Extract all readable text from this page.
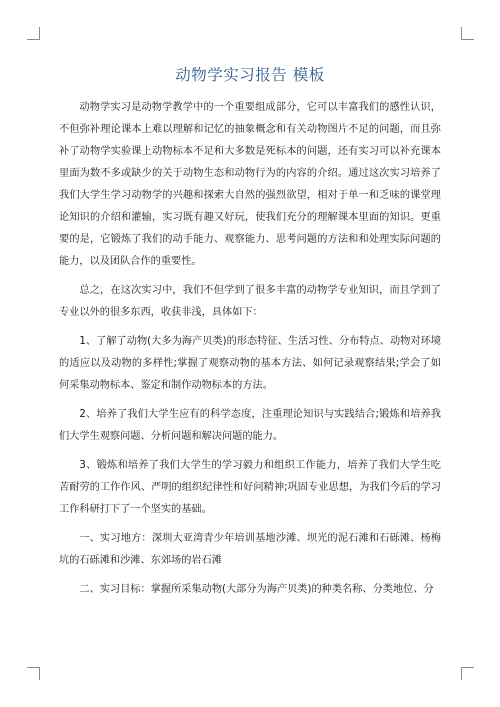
动物学实习报告 模板

动物学实习是动物学教学中的一个重要组成部分，它可以丰富我们的感性认识，不但弥补理论课本上难以理解和记忆的抽象概念和有关动物图片不足的问题，而且弥补了动物学实验课上动物标本不足和大多数是死标本的问题，还有实习可以补充课本里面为数不多或缺少的关于动物生态和动物行为的内容的介绍。通过这次实习培养了我们大学生学习动物学的兴趣和探索大自然的强烈欲望，相对于单一和乏味的课堂理论知识的介绍和灌输，实习既有趣又好玩，使我们充分的理解课本里面的知识。更重要的是，它锻炼了我们的动手能力、观察能力、思考问题的方法和和处理实际问题的能力，以及团队合作的重要性。

总之，在这次实习中，我们不但学到了很多丰富的动物学专业知识，而且学到了专业以外的很多东西，收获非浅，具体如下：

1、了解了动物(大多为海产贝类)的形态特征、生活习性、分布特点、动物对环境的适应以及动物的多样性;掌握了观察动物的基本方法、如何记录观察结果;学会了如何采集动物标本、鉴定和制作动物标本的方法。

2、培养了我们大学生应有的科学态度，注重理论知识与实践结合;锻炼和培养我们大学生观察问题、分析问题和解决问题的能力。

3、锻炼和培养了我们大学生的学习毅力和组织工作能力，培养了我们大学生吃苦耐劳的工作作风、严明的组织纪律性和好问精神;巩固专业思想，为我们今后的学习工作科研打下了一个坚实的基础。

一、实习地方：深圳大亚湾青少年培训基地沙滩、坝光的泥石滩和石砾滩、杨梅坑的石砾滩和沙滩、东郊场的岩石滩

二、实习目标：掌握所采集动物(大部分为海产贝类)的种类名称、分类地位、分
